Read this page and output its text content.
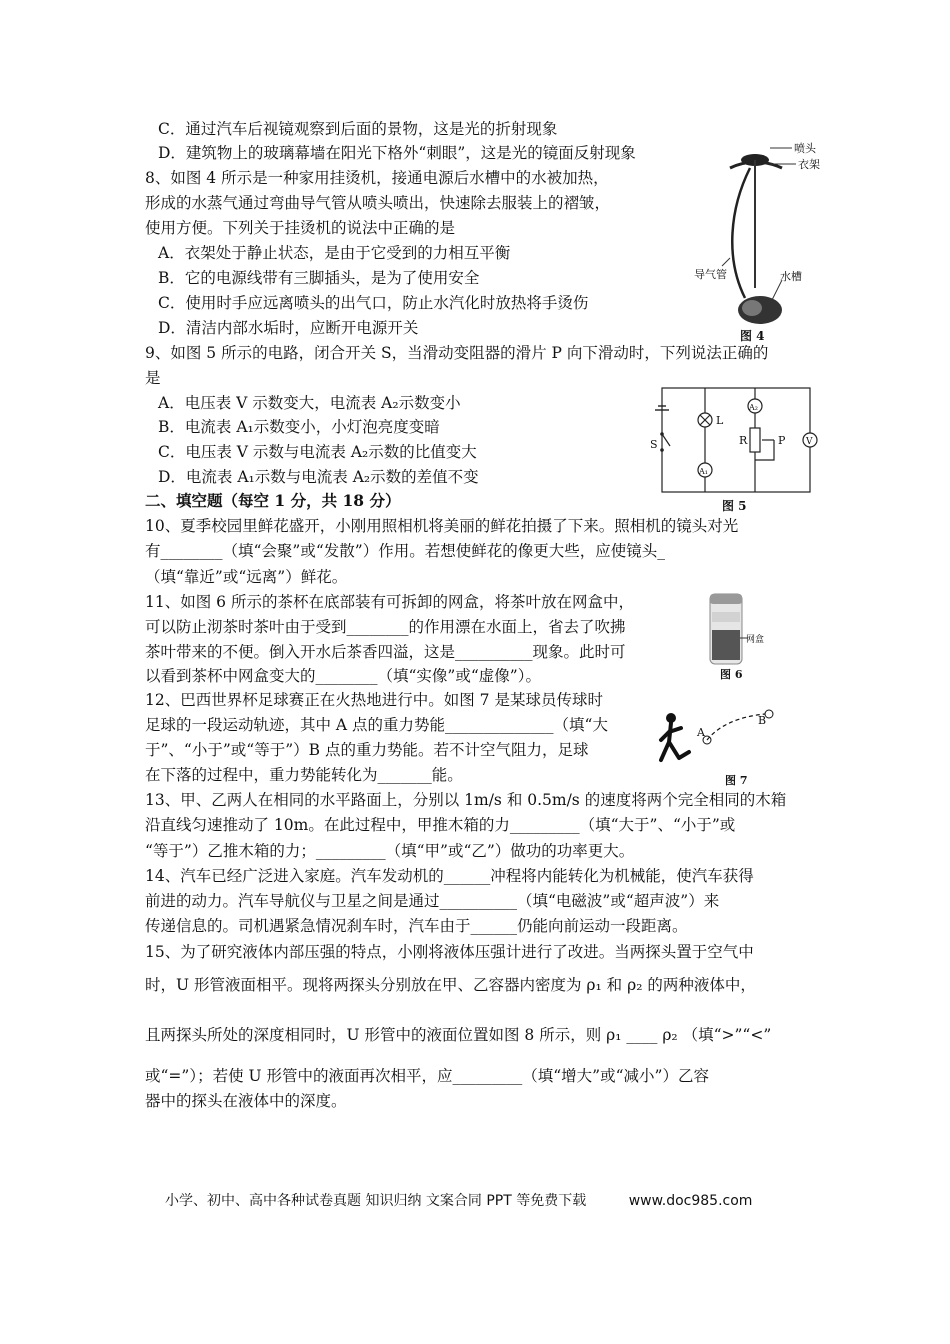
C．通过汽车后视镜观察到后面的景物，这是光的折射现象
D．建筑物上的玻璃幕墙在阳光下格外“刺眼”，这是光的镜面反射现象
8、如图 4 所示是一种家用挂烫机，接通电源后水槽中的水被加热，
形成的水蒸气通过弯曲导气管从喷头喷出，快速除去服装上的褶皱，
使用方便。下列关于挂烫机的说法中正确的是
A．衣架处于静止状态，是由于它受到的力相互平衡
B．它的电源线带有三脚插头，是为了使用安全
C．使用时手应远离喷头的出气口，防止水汽化时放热将手烫伤
D．清洁内部水垢时，应断开电源开关
9、如图 5 所示的电路，闭合开关 S，当滑动变阻器的滑片 P 向下滑动时，下列说法正确的
是
A．电压表 V 示数变大，电流表 A₂示数变小
B．电流表 A₁示数变小，小灯泡亮度变暗
C．电压表 V 示数与电流表 A₂示数的比值变大
D．电流表 A₁示数与电流表 A₂示数的差值不变
二、填空题（每空 1 分，共 18 分）
10、夏季校园里鲜花盛开，小刚用照相机将美丽的鲜花拍摄了下来。照相机的镜头对光
有________（填“会聚”或“发散”）作用。若想使鲜花的像更大些，应使镜头_
（填“靠近”或“远离”）鲜花。
11、如图 6 所示的茶杯在底部装有可拆卸的网盒，将茶叶放在网盒中，
可以防止沏茶时茶叶由于受到________的作用漂在水面上，省去了吹拂
茶叶带来的不便。倒入开水后茶香四溢，这是__________现象。此时可
以看到茶杯中网盒变大的________（填“实像”或“虚像”）。
12、巴西世界杯足球赛正在火热地进行中。如图 7 是某球员传球时
足球的一段运动轨迹，其中 A 点的重力势能______________（填“大
于”、“小于”或“等于”）B 点的重力势能。若不计空气阻力，足球
在下落的过程中，重力势能转化为_______能。
13、甲、乙两人在相同的水平路面上，分别以 1m/s 和 0.5m/s 的速度将两个完全相同的木箱
沿直线匀速推动了 10m。在此过程中，甲推木箱的力_________（填“大于”、“小于”或
“等于”）乙推木箱的力；_________（填“甲”或“乙”）做功的功率更大。
14、汽车已经广泛进入家庭。汽车发动机的______冲程将内能转化为机械能，使汽车获得
前进的动力。汽车导航仪与卫星之间是通过__________（填“电磁波”或“超声波”）来
传递信息的。司机遇紧急情况刹车时，汽车由于______仍能向前运动一段距离。
15、为了研究液体内部压强的特点，小刚将液体压强计进行了改进。当两探头置于空气中
时，U 形管液面相平。现将两探头分别放在甲、乙容器内密度为 ρ₁ 和 ρ₂ 的两种液体中，
且两探头所处的深度相同时，U 形管中的液面位置如图 8 所示，则 ρ₁ ____ ρ₂ （填“>”“<”
或“=”）；若使 U 形管中的液面再次相平，应_________（填“增大”或“减小”）乙容
器中的探头在液体中的深度。
喷头
衣架
导气管	水槽
图 4
S
L
A₂
R	P V
A₁
图 5
网盒
图 6
A
B
图 7
小学、初中、高中各种试卷真题 知识归纳 文案合同 PPT 等免费下载	www.doc985.com
